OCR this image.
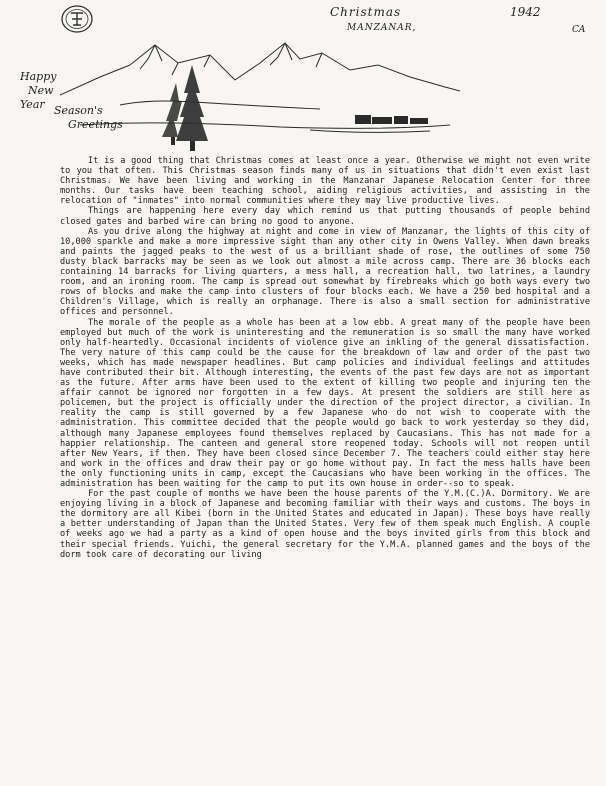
Christmas	1942
MANZANAR,	CA
Happy
New
Year Season's
Greetings

It is a good thing that Christmas comes at least once a year. Otherwise we might not even write to you that often. This Christmas season finds many of us in situations that didn't even exist last Christmas. We have been living and working in the Manzanar Japanese Relocation Center for three months. Our tasks have been teaching school, aiding religious activities, and assisting in the relocation of "inmates" into normal communities where they may live productive lives.

Things are happening here every day which remind us that putting thousands of people behind closed gates and barbed wire can bring no good to anyone.

As you drive along the highway at night and come in view of Manzanar, the lights of this city of 10,000 sparkle and make a more impressive sight than any other city in Owens Valley. When dawn breaks and paints the jagged peaks to the west of us a brilliant shade of rose, the outlines of some 750 dusty black barracks may be seen as we look out almost a mile across camp. There are 36 blocks each containing 14 barracks for living quarters, a mess hall, a recreation hall, two latrines, a laundry room, and an ironing room. The camp is spread out somewhat by firebreaks which go both ways every two rows of blocks and make the camp into clusters of four blocks each. We have a 250 bed hospital and a Children's Village, which is really an orphanage. There is also a small section for administrative offices and personnel.

The morale of the people as a whole has been at a low ebb. A great many of the people have been employed but much of the work is uninteresting and the remuneration is so small the many have worked only half-heartedly. Occasional incidents of violence give an inkling of the general dissatisfaction. The very nature of this camp could be the cause for the breakdown of law and order of the past two weeks, which has made newspaper headlines. But camp policies and individual feelings and attitudes have contributed their bit. Although interesting, the events of the past few days are not as important as the future. After arms have been used to the extent of killing two people and injuring ten the affair cannot be ignored nor forgotten in a few days. At present the soldiers are still here as policemen, but the project is officially under the direction of the project director, a civilian. In reality the camp is still governed by a few Japanese who do not wish to cooperate with the administration. This committee decided that the people would go back to work yesterday so they did, although many Japanese employees found themselves replaced by Caucasians. This has not made for a happier relationship. The canteen and general store reopened today. Schools will not reopen until after New Years, if then. They have been closed since December 7. The teachers could either stay here and work in the offices and draw their pay or go home without pay. In fact the mess halls have been the only functioning units in camp, except the Caucasians who have been working in the offices. The administration has been waiting for the camp to put its own house in order--so to speak.

For the past couple of months we have been the house parents of the Y.M.(C.)A. Dormitory. We are enjoying living in a block of Japanese and becoming familiar with their ways and customs. The boys in the dormitory are all Kibei (born in the United States and educated in Japan). These boys have really a better understanding of Japan than the United States. Very few of them speak much English. A couple of weeks ago we had a party as a kind of open house and the boys invited girls from this block and their special friends. Yuichi, the general secretary for the Y.M.A. planned games and the boys of the dorm took care of decorating our living
